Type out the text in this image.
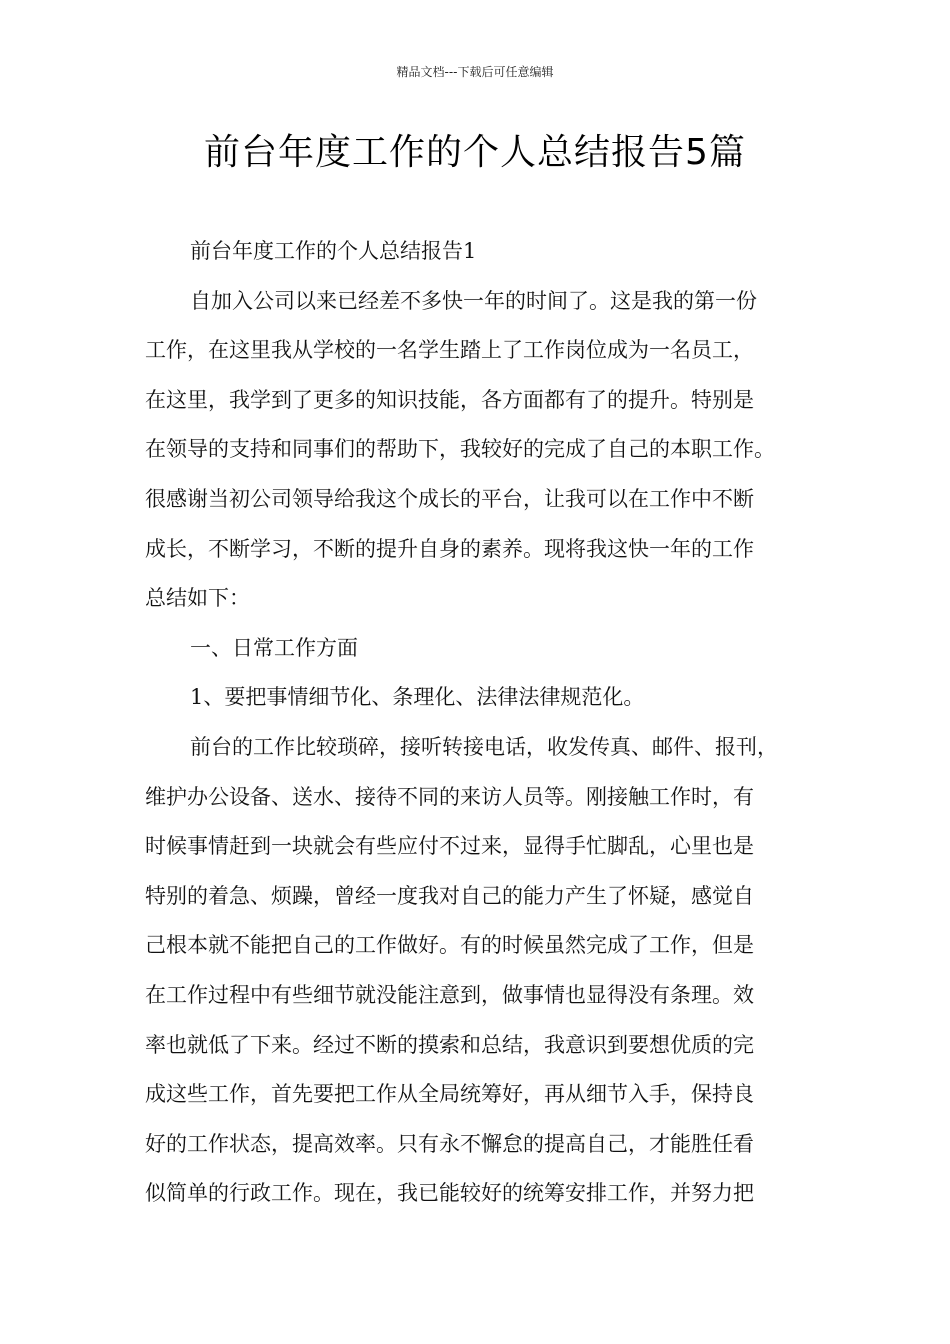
精品文档---下载后可任意编辑
前台年度工作的个人总结报告5篇
前台年度工作的个人总结报告1
自加入公司以来已经差不多快一年的时间了。这是我的第一份
工作，在这里我从学校的一名学生踏上了工作岗位成为一名员工，
在这里，我学到了更多的知识技能，各方面都有了的提升。特别是
在领导的支持和同事们的帮助下，我较好的完成了自己的本职工作。
很感谢当初公司领导给我这个成长的平台，让我可以在工作中不断
成长，不断学习，不断的提升自身的素养。现将我这快一年的工作
总结如下：
一、日常工作方面
1、要把事情细节化、条理化、法律法律规范化。
前台的工作比较琐碎，接听转接电话，收发传真、邮件、报刊，
维护办公设备、送水、接待不同的来访人员等。刚接触工作时，有
时候事情赶到一块就会有些应付不过来，显得手忙脚乱，心里也是
特别的着急、烦躁，曾经一度我对自己的能力产生了怀疑，感觉自
己根本就不能把自己的工作做好。有的时候虽然完成了工作，但是
在工作过程中有些细节就没能注意到，做事情也显得没有条理。效
率也就低了下来。经过不断的摸索和总结，我意识到要想优质的完
成这些工作，首先要把工作从全局统筹好，再从细节入手，保持良
好的工作状态，提高效率。只有永不懈怠的提高自己，才能胜任看
似简单的行政工作。现在，我已能较好的统筹安排工作，并努力把
